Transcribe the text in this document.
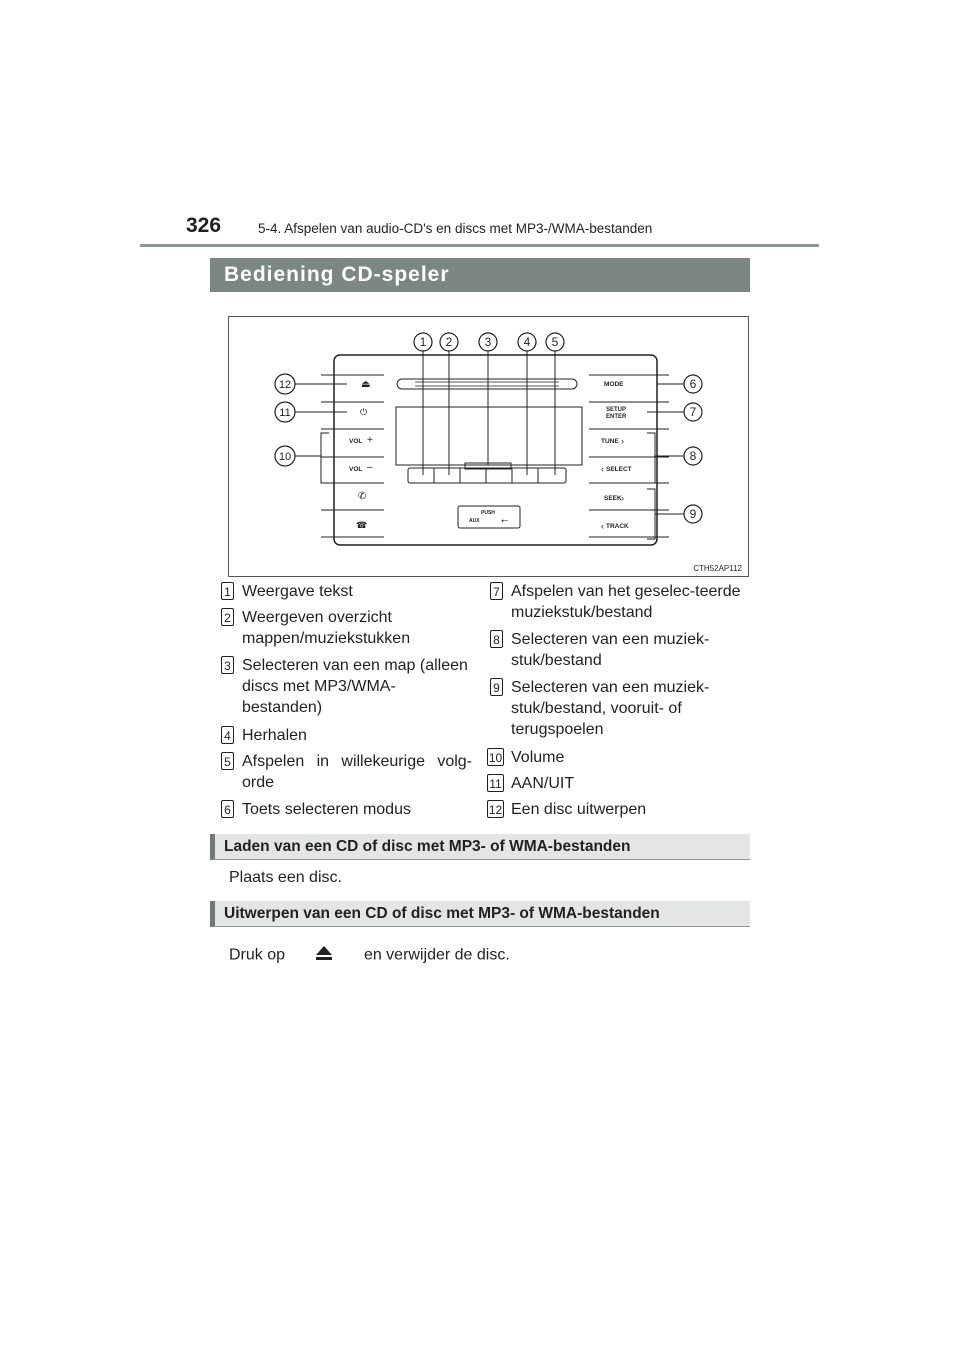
326	5-4. Afspelen van audio-CD's en discs met MP3-/WMA-bestanden
Bediening CD-speler
PUSH
AUX ⭠
⏏
⏻
VOL +
VOL –
✆
☎
MODE
SETUP
ENTER
TUNE ›
‹ SELECT
SEEK ›
‹ TRACK
1 2	3	4 5
6
7
8
9
10
11
12
CTH52AP112
1 Weergave tekst
2 Weergeven overzicht mappen/muziekstukken
3 Selecteren van een map (alleen discs met MP3/WMA-bestanden)
4 Herhalen
5 Afspelen in willekeurige volg-orde
6 Toets selecteren modus
7 Afspelen van het geselec-teerde muziekstuk/bestand
8 Selecteren van een muziek-stuk/bestand
9 Selecteren van een muziek-stuk/bestand, vooruit- of terugspoelen
10 Volume
11 AAN/UIT
12 Een disc uitwerpen
Laden van een CD of disc met MP3- of WMA-bestanden
Plaats een disc.
Uitwerpen van een CD of disc met MP3- of WMA-bestanden
Druk op	en verwijder de disc.
